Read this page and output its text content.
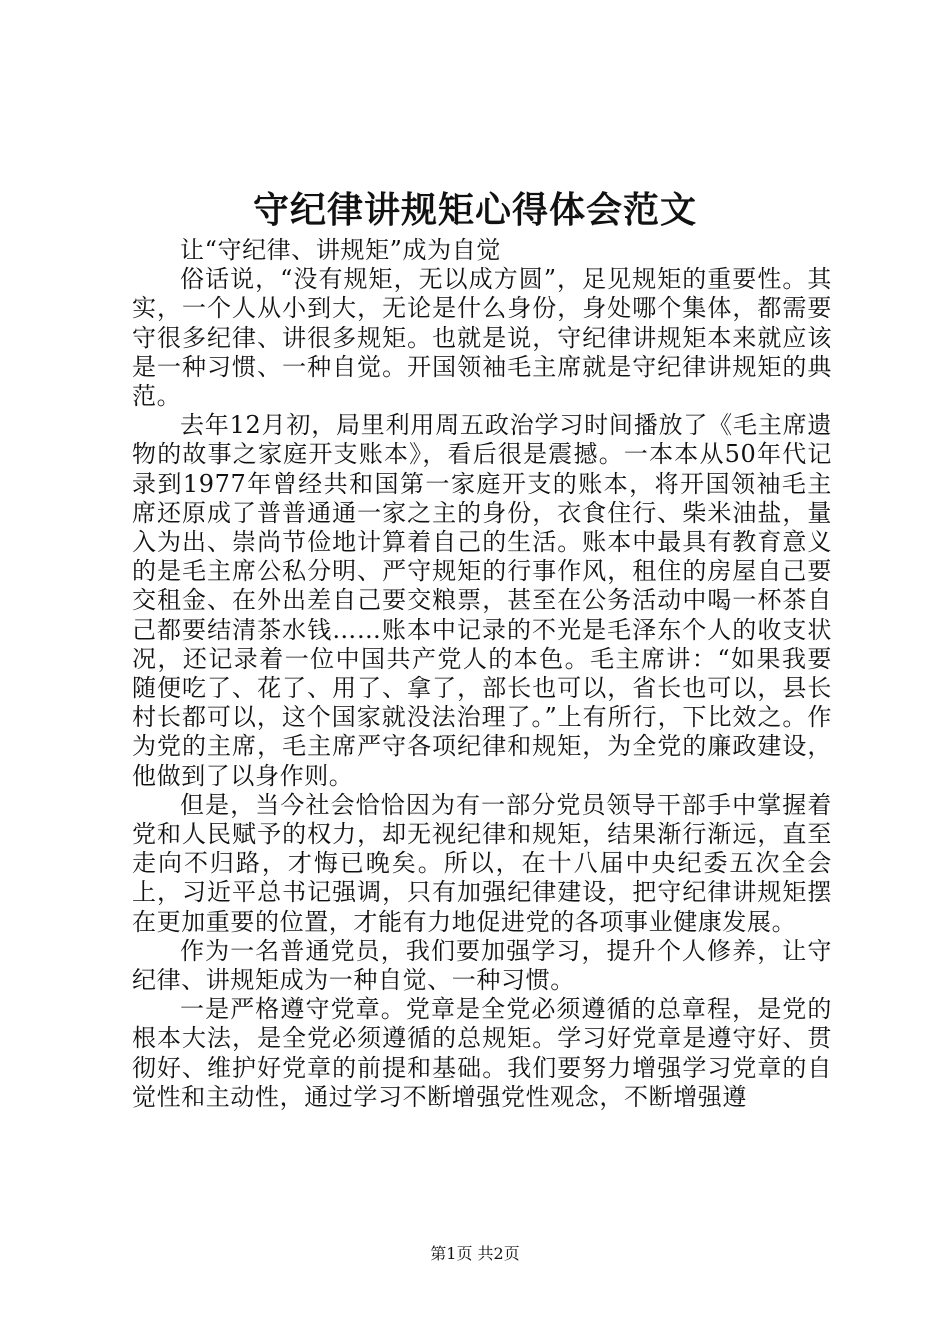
守纪律讲规矩心得体会范文

让“守纪律、讲规矩”成为自觉

俗话说，“没有规矩，无以成方圆”，足见规矩的重要性。其实，一个人从小到大，无论是什么身份，身处哪个集体，都需要守很多纪律、讲很多规矩。也就是说，守纪律讲规矩本来就应该是一种习惯、一种自觉。开国领袖毛主席就是守纪律讲规矩的典范。

去年12月初，局里利用周五政治学习时间播放了《毛主席遗物的故事之家庭开支账本》，看后很是震撼。一本本从50年代记录到1977年曾经共和国第一家庭开支的账本，将开国领袖毛主席还原成了普普通通一家之主的身份，衣食住行、柴米油盐，量入为出、崇尚节俭地计算着自己的生活。账本中最具有教育意义的是毛主席公私分明、严守规矩的行事作风，租住的房屋自己要交租金、在外出差自己要交粮票，甚至在公务活动中喝一杯茶自己都要结清茶水钱……账本中记录的不光是毛泽东个人的收支状况，还记录着一位中国共产党人的本色。毛主席讲：“如果我要随便吃了、花了、用了、拿了，部长也可以，省长也可以，县长村长都可以，这个国家就没法治理了。”上有所行，下比效之。作为党的主席，毛主席严守各项纪律和规矩，为全党的廉政建设，他做到了以身作则。

但是，当今社会恰恰因为有一部分党员领导干部手中掌握着党和人民赋予的权力，却无视纪律和规矩，结果渐行渐远，直至走向不归路，才悔已晚矣。所以，在十八届中央纪委五次全会上，习近平总书记强调，只有加强纪律建设，把守纪律讲规矩摆在更加重要的位置，才能有力地促进党的各项事业健康发展。

作为一名普通党员，我们要加强学习，提升个人修养，让守纪律、讲规矩成为一种自觉、一种习惯。

一是严格遵守党章。党章是全党必须遵循的总章程，是党的根本大法，是全党必须遵循的总规矩。学习好党章是遵守好、贯彻好、维护好党章的前提和基础。我们要努力增强学习党章的自觉性和主动性，通过学习不断增强党性观念，不断增强遵

第1页 共2页
